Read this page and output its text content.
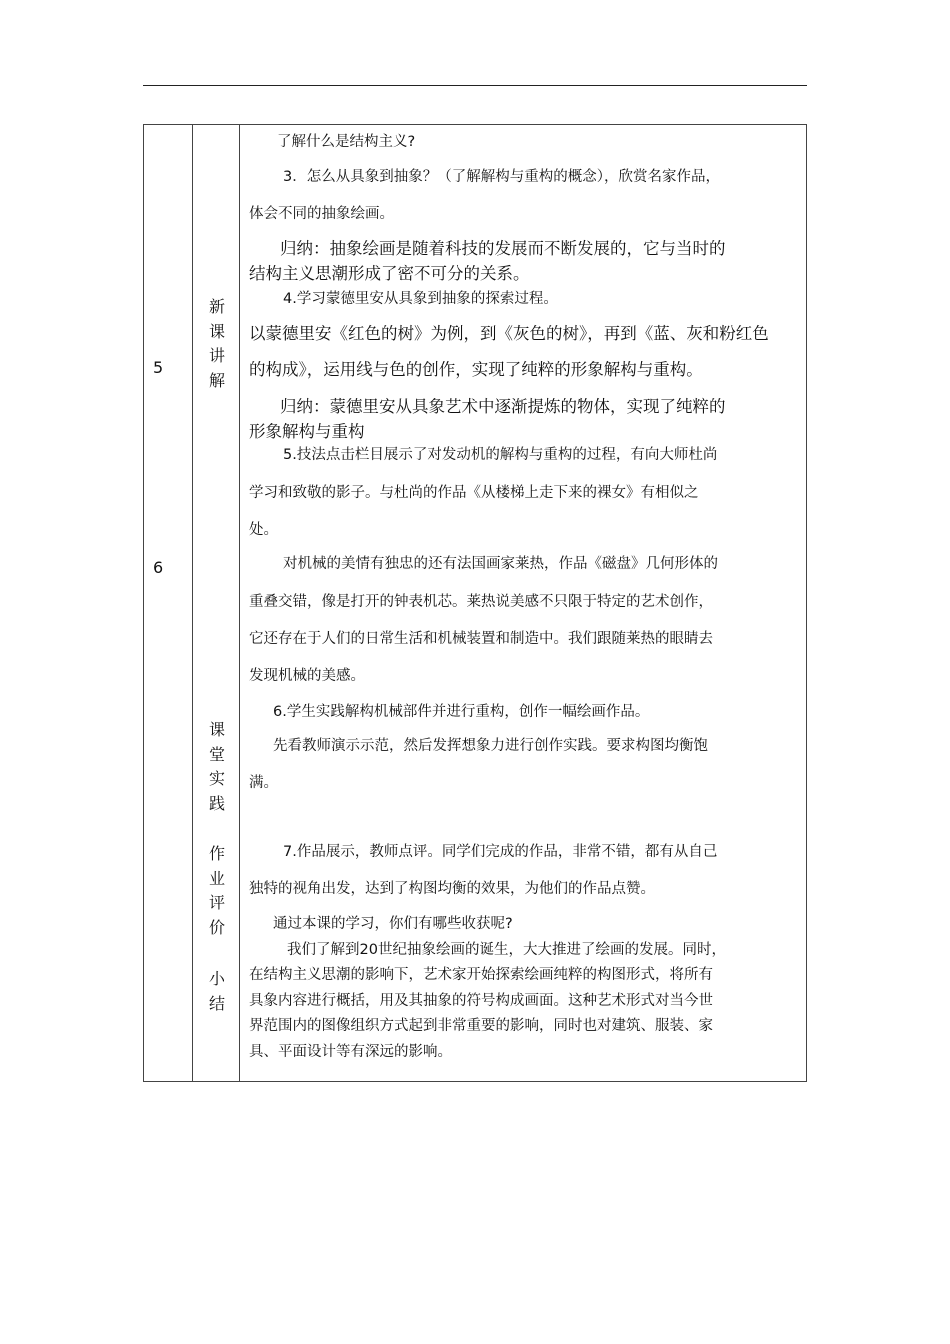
5
6
新课讲解
课堂实践
作业评价
小结
了解什么是结构主义?
3．怎么从具象到抽象？（了解解构与重构的概念），欣赏名家作品，
体会不同的抽象绘画。
归纳：抽象绘画是随着科技的发展而不断发展的，它与当时的
结构主义思潮形成了密不可分的关系。
4.学习蒙德里安从具象到抽象的探索过程。
以蒙德里安《红色的树》为例，到《灰色的树》，再到《蓝、灰和粉红色
的构成》，运用线与色的创作，实现了纯粹的形象解构与重构。
归纳：蒙德里安从具象艺术中逐渐提炼的物体，实现了纯粹的
形象解构与重构
5.技法点击栏目展示了对发动机的解构与重构的过程，有向大师杜尚
学习和致敬的影子。与杜尚的作品《从楼梯上走下来的裸女》有相似之
处。
对机械的美情有独忠的还有法国画家莱热，作品《磁盘》几何形体的
重叠交错，像是打开的钟表机芯。莱热说美感不只限于特定的艺术创作，
它还存在于人们的日常生活和机械装置和制造中。我们跟随莱热的眼睛去
发现机械的美感。
6.学生实践解构机械部件并进行重构，创作一幅绘画作品。
先看教师演示示范，然后发挥想象力进行创作实践。要求构图均衡饱
满。
7.作品展示，教师点评。同学们完成的作品，非常不错，都有从自己
独特的视角出发，达到了构图均衡的效果，为他们的作品点赞。
通过本课的学习，你们有哪些收获呢?
我们了解到20世纪抽象绘画的诞生，大大推进了绘画的发展。同时，
在结构主义思潮的影响下，艺术家开始探索绘画纯粹的构图形式，将所有
具象内容进行概括，用及其抽象的符号构成画面。这种艺术形式对当今世
界范围内的图像组织方式起到非常重要的影响，同时也对建筑、服装、家
具、平面设计等有深远的影响。
